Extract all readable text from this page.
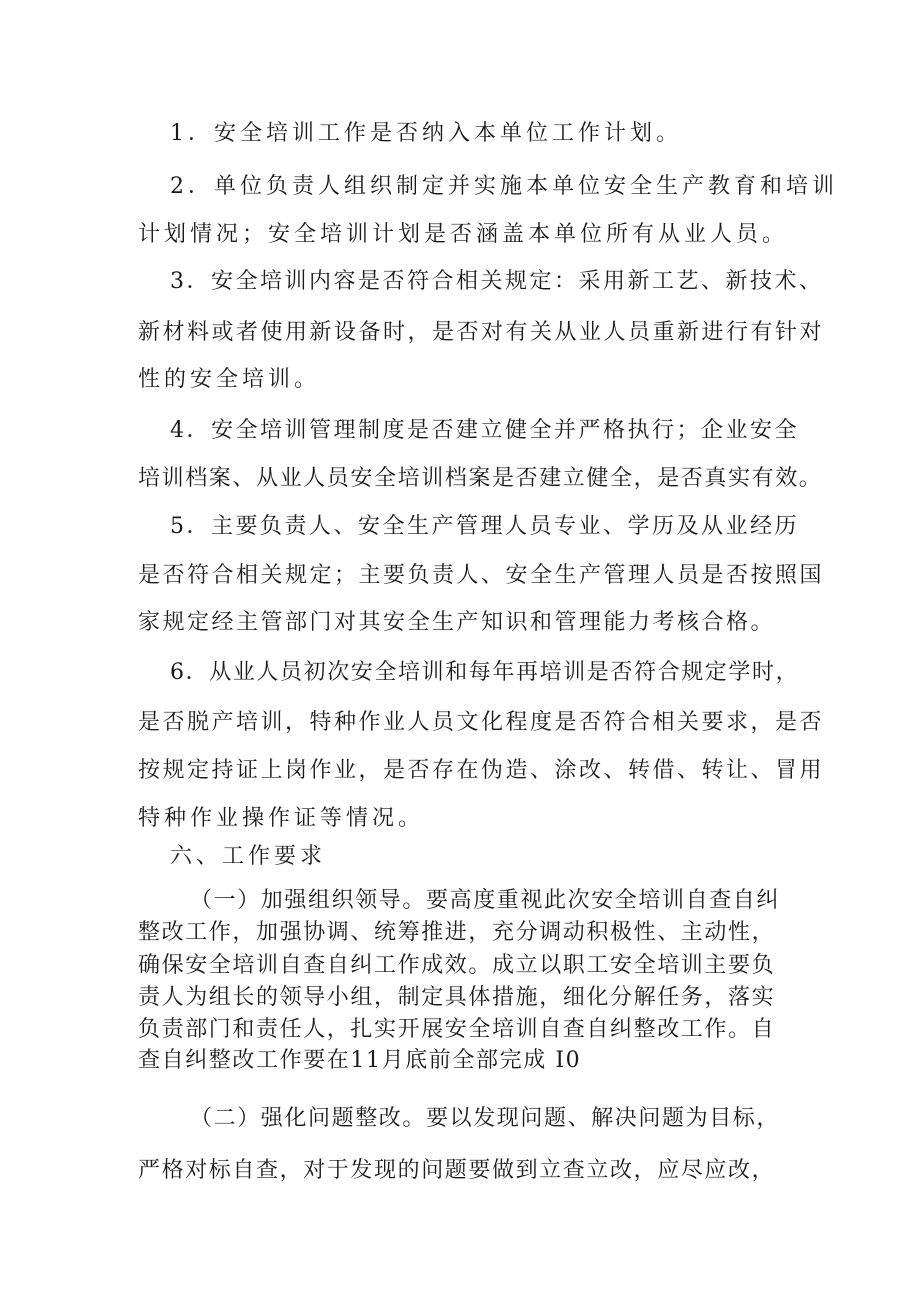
1．安全培训工作是否纳入本单位工作计划。
2．单位负责人组织制定并实施本单位安全生产教育和培训
计划情况；安全培训计划是否涵盖本单位所有从业人员。
3．安全培训内容是否符合相关规定：采用新工艺、新技术、
新材料或者使用新设备时，是否对有关从业人员重新进行有针对
性的安全培训。
4．安全培训管理制度是否建立健全并严格执行；企业安全
培训档案、从业人员安全培训档案是否建立健全，是否真实有效。
5．主要负责人、安全生产管理人员专业、学历及从业经历
是否符合相关规定；主要负责人、安全生产管理人员是否按照国
家规定经主管部门对其安全生产知识和管理能力考核合格。
6．从业人员初次安全培训和每年再培训是否符合规定学时，
是否脱产培训，特种作业人员文化程度是否符合相关要求，是否
按规定持证上岗作业，是否存在伪造、涂改、转借、转让、冒用
特种作业操作证等情况。
六、工作要求
（一）加强组织领导。要高度重视此次安全培训自查自纠
整改工作，加强协调、统筹推进，充分调动积极性、主动性，
确保安全培训自查自纠工作成效。成立以职工安全培训主要负
责人为组长的领导小组，制定具体措施，细化分解任务，落实
负责部门和责任人，扎实开展安全培训自查自纠整改工作。自
查自纠整改工作要在11月底前全部完成 I0
（二）强化问题整改。要以发现问题、解决问题为目标，
严格对标自查，对于发现的问题要做到立查立改，应尽应改，
